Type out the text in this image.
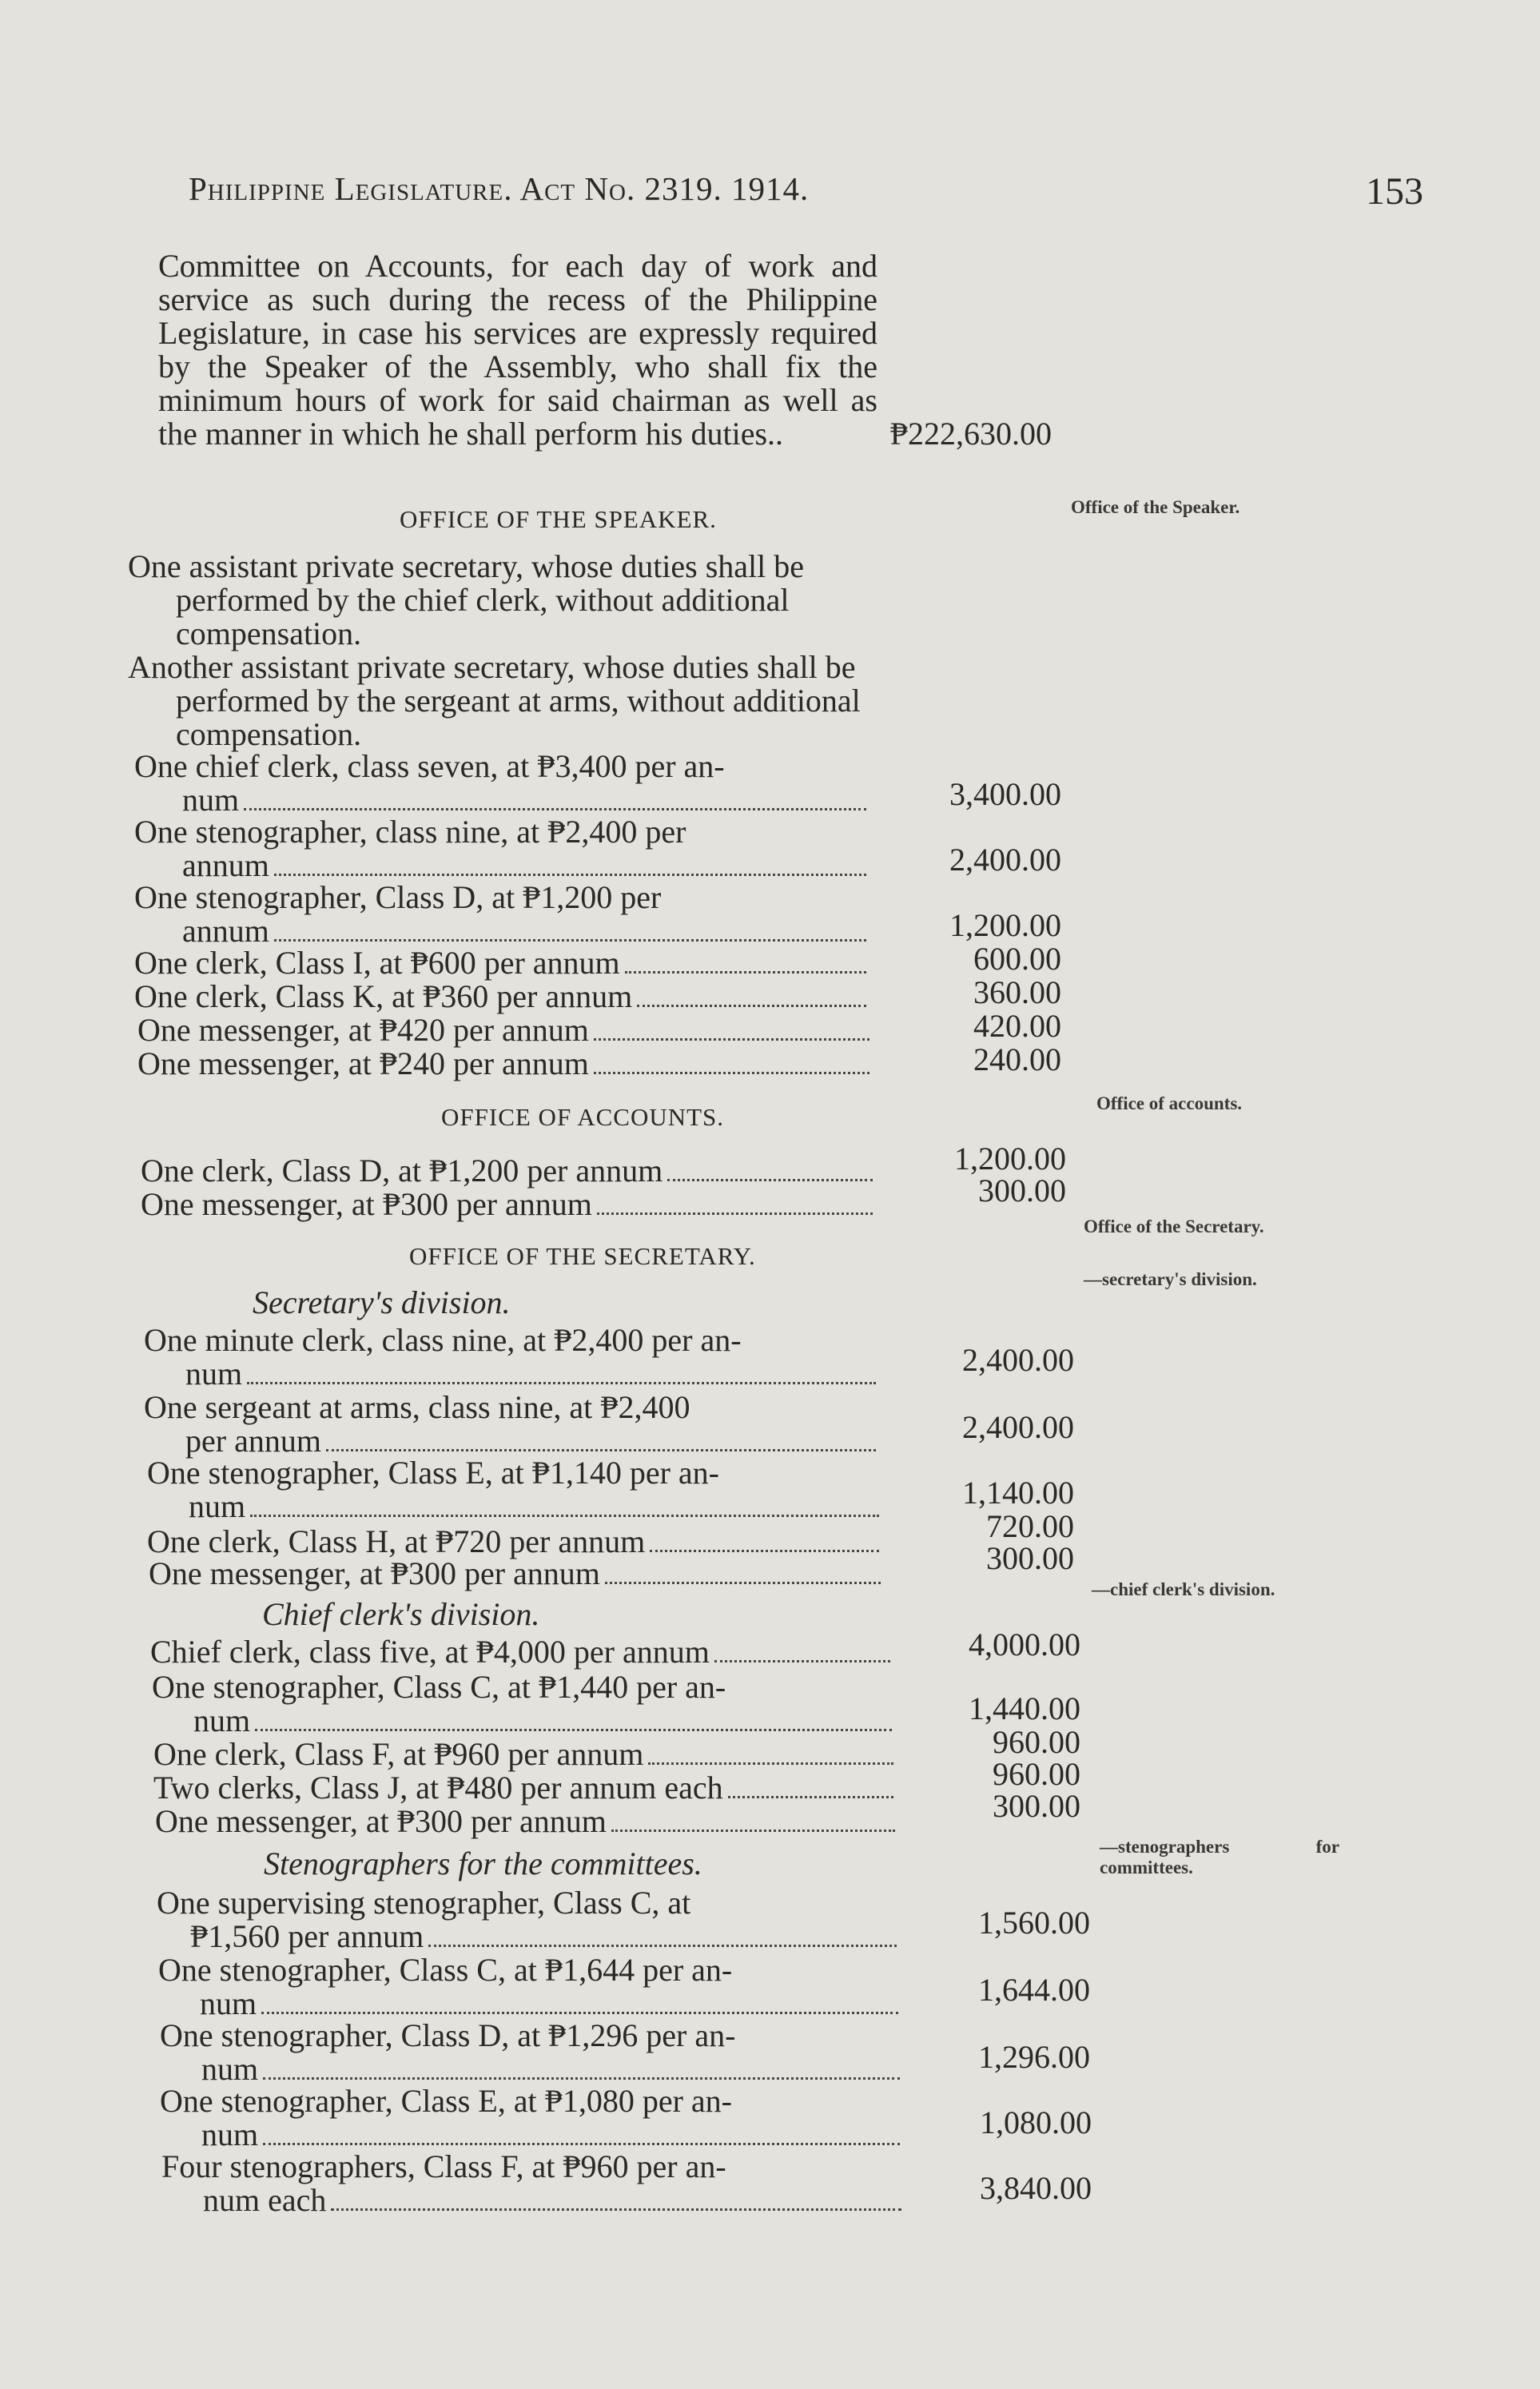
Philippine Legislature. Act No. 2319. 1914.	153
Committee on Accounts, for each day of work and service as such during the recess of the Philippine Legislature, in case his services are expressly required by the Speaker of the Assembly, who shall fix the minimum hours of work for said chairman as well as the manner in which he shall perform his duties..	₱222,630.00
OFFICE OF THE SPEAKER.
One assistant private secretary, whose duties shall be performed by the chief clerk, without additional compensation.
Another assistant private secretary, whose duties shall be performed by the sergeant at arms, without additional compensation.
One chief clerk, class seven, at ₱3,400 per an-
num	3,400.00
One stenographer, class nine, at ₱2,400 per
annum	2,400.00
One stenographer, Class D, at ₱1,200 per
annum	1,200.00
One clerk, Class I, at ₱600 per annum	600.00
One clerk, Class K, at ₱360 per annum	360.00
One messenger, at ₱420 per annum	420.00
One messenger, at ₱240 per annum	240.00
OFFICE OF ACCOUNTS.
One clerk, Class D, at ₱1,200 per annum	1,200.00
One messenger, at ₱300 per annum	300.00
OFFICE OF THE SECRETARY.
Secretary's division.
One minute clerk, class nine, at ₱2,400 per an-
num	2,400.00
One sergeant at arms, class nine, at ₱2,400
per annum	2,400.00
One stenographer, Class E, at ₱1,140 per an-
num	1,140.00
One clerk, Class H, at ₱720 per annum	720.00
One messenger, at ₱300 per annum	300.00
Chief clerk's division.
Chief clerk, class five, at ₱4,000 per annum	4,000.00
One stenographer, Class C, at ₱1,440 per an-
num	1,440.00
One clerk, Class F, at ₱960 per annum	960.00
Two clerks, Class J, at ₱480 per annum each	960.00
One messenger, at ₱300 per annum	300.00
Stenographers for the committees.
One supervising stenographer, Class C, at
₱1,560 per annum	1,560.00
One stenographer, Class C, at ₱1,644 per an-
num	1,644.00
One stenographer, Class D, at ₱1,296 per an-
num	1,296.00
One stenographer, Class E, at ₱1,080 per an-
num	1,080.00
Four stenographers, Class F, at ₱960 per an-
num each	3,840.00
Office of the Speaker.
Office of accounts.
Office of the Secretary.
—secretary's division.
—chief clerk's division.
—stenographers for committees.
